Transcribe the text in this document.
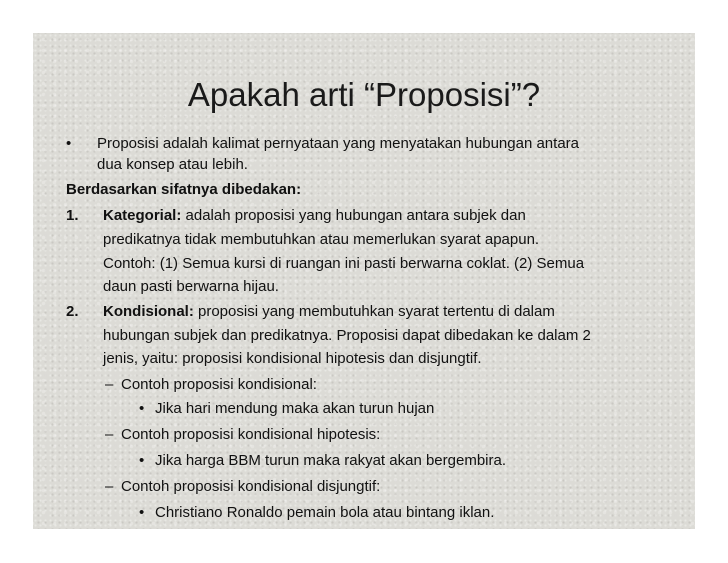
Apakah arti “Proposisi”?
• Proposisi adalah kalimat pernyataan yang menyatakan hubungan antara
dua konsep atau lebih.
Berdasarkan sifatnya dibedakan:
1. Kategorial: adalah proposisi yang hubungan antara subjek dan
predikatnya tidak membutuhkan atau memerlukan syarat apapun.
Contoh: (1) Semua kursi di ruangan ini pasti berwarna coklat. (2) Semua
daun pasti berwarna hijau.
2. Kondisional: proposisi yang membutuhkan syarat tertentu di dalam
hubungan subjek dan predikatnya. Proposisi dapat dibedakan ke dalam 2
jenis, yaitu: proposisi kondisional hipotesis dan disjungtif.
– Contoh proposisi kondisional:
• Jika hari mendung maka akan turun hujan
– Contoh proposisi kondisional hipotesis:
• Jika harga BBM turun maka rakyat akan bergembira.
– Contoh proposisi kondisional disjungtif:
• Christiano Ronaldo pemain bola atau bintang iklan.
